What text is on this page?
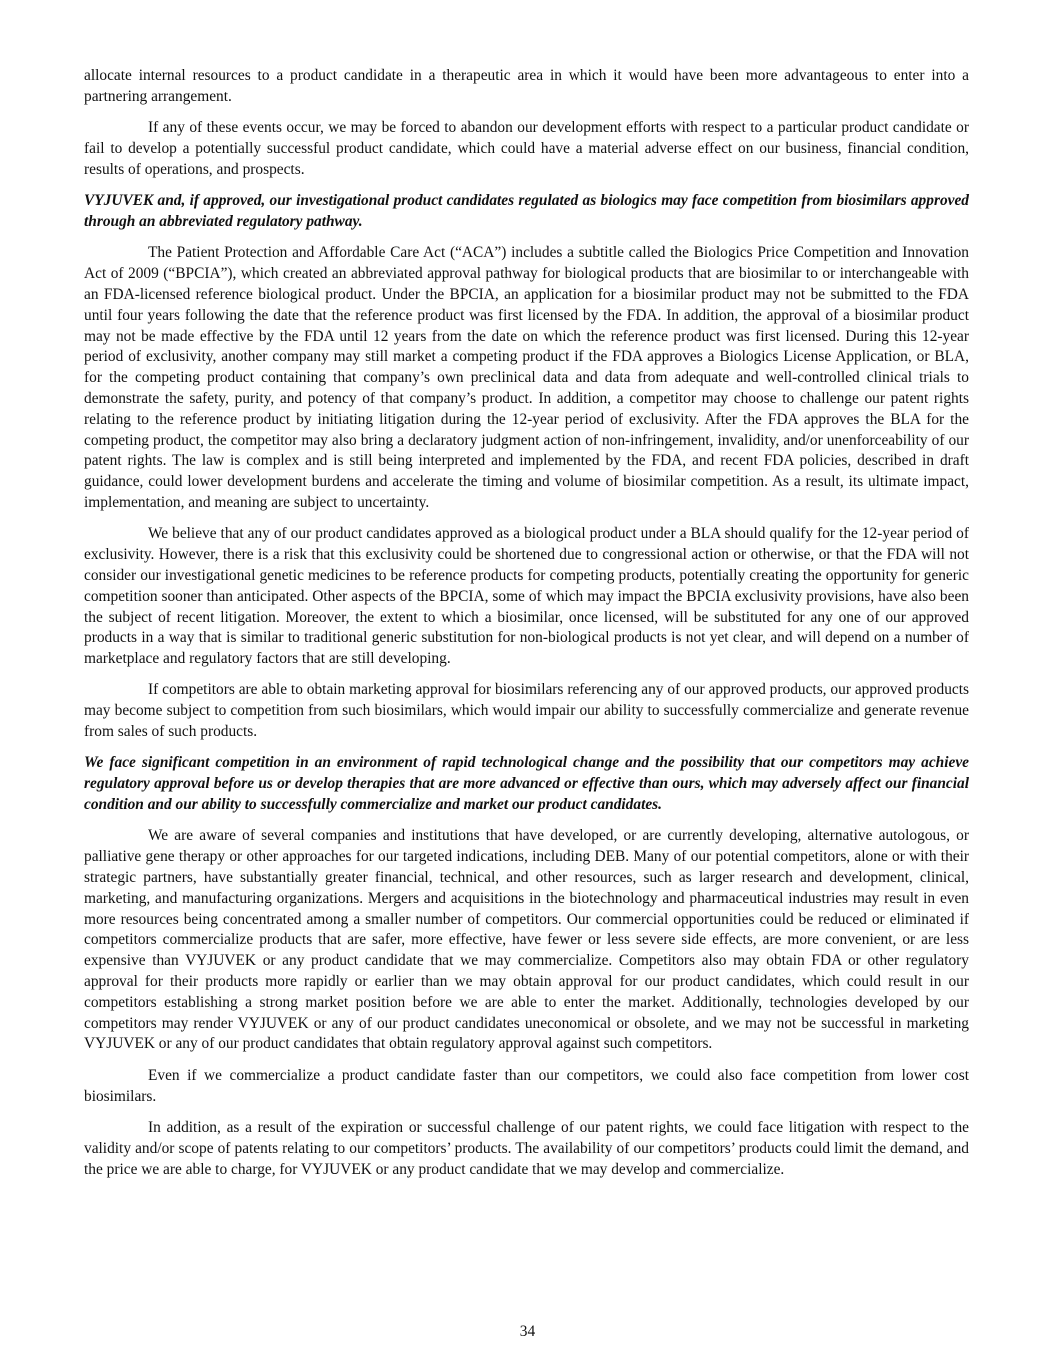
allocate internal resources to a product candidate in a therapeutic area in which it would have been more advantageous to enter into a partnering arrangement.

If any of these events occur, we may be forced to abandon our development efforts with respect to a particular product candidate or fail to develop a potentially successful product candidate, which could have a material adverse effect on our business, financial condition, results of operations, and prospects.

VYJUVEK and, if approved, our investigational product candidates regulated as biologics may face competition from biosimilars approved through an abbreviated regulatory pathway.

The Patient Protection and Affordable Care Act (“ACA”) includes a subtitle called the Biologics Price Competition and Innovation Act of 2009 (“BPCIA”), which created an abbreviated approval pathway for biological products that are biosimilar to or interchangeable with an FDA-licensed reference biological product. Under the BPCIA, an application for a biosimilar product may not be submitted to the FDA until four years following the date that the reference product was first licensed by the FDA. In addition, the approval of a biosimilar product may not be made effective by the FDA until 12 years from the date on which the reference product was first licensed. During this 12-year period of exclusivity, another company may still market a competing product if the FDA approves a Biologics License Application, or BLA, for the competing product containing that company’s own preclinical data and data from adequate and well-controlled clinical trials to demonstrate the safety, purity, and potency of that company’s product. In addition, a competitor may choose to challenge our patent rights relating to the reference product by initiating litigation during the 12-year period of exclusivity. After the FDA approves the BLA for the competing product, the competitor may also bring a declaratory judgment action of non-infringement, invalidity, and/or unenforceability of our patent rights. The law is complex and is still being interpreted and implemented by the FDA, and recent FDA policies, described in draft guidance, could lower development burdens and accelerate the timing and volume of biosimilar competition. As a result, its ultimate impact, implementation, and meaning are subject to uncertainty.

We believe that any of our product candidates approved as a biological product under a BLA should qualify for the 12-year period of exclusivity. However, there is a risk that this exclusivity could be shortened due to congressional action or otherwise, or that the FDA will not consider our investigational genetic medicines to be reference products for competing products, potentially creating the opportunity for generic competition sooner than anticipated. Other aspects of the BPCIA, some of which may impact the BPCIA exclusivity provisions, have also been the subject of recent litigation. Moreover, the extent to which a biosimilar, once licensed, will be substituted for any one of our approved products in a way that is similar to traditional generic substitution for non-biological products is not yet clear, and will depend on a number of marketplace and regulatory factors that are still developing.

If competitors are able to obtain marketing approval for biosimilars referencing any of our approved products, our approved products may become subject to competition from such biosimilars, which would impair our ability to successfully commercialize and generate revenue from sales of such products.

We face significant competition in an environment of rapid technological change and the possibility that our competitors may achieve regulatory approval before us or develop therapies that are more advanced or effective than ours, which may adversely affect our financial condition and our ability to successfully commercialize and market our product candidates.

We are aware of several companies and institutions that have developed, or are currently developing, alternative autologous, or palliative gene therapy or other approaches for our targeted indications, including DEB. Many of our potential competitors, alone or with their strategic partners, have substantially greater financial, technical, and other resources, such as larger research and development, clinical, marketing, and manufacturing organizations. Mergers and acquisitions in the biotechnology and pharmaceutical industries may result in even more resources being concentrated among a smaller number of competitors. Our commercial opportunities could be reduced or eliminated if competitors commercialize products that are safer, more effective, have fewer or less severe side effects, are more convenient, or are less expensive than VYJUVEK or any product candidate that we may commercialize. Competitors also may obtain FDA or other regulatory approval for their products more rapidly or earlier than we may obtain approval for our product candidates, which could result in our competitors establishing a strong market position before we are able to enter the market. Additionally, technologies developed by our competitors may render VYJUVEK or any of our product candidates uneconomical or obsolete, and we may not be successful in marketing VYJUVEK or any of our product candidates that obtain regulatory approval against such competitors.

Even if we commercialize a product candidate faster than our competitors, we could also face competition from lower cost biosimilars.

In addition, as a result of the expiration or successful challenge of our patent rights, we could face litigation with respect to the validity and/or scope of patents relating to our competitors’ products. The availability of our competitors’ products could limit the demand, and the price we are able to charge, for VYJUVEK or any product candidate that we may develop and commercialize.

34
